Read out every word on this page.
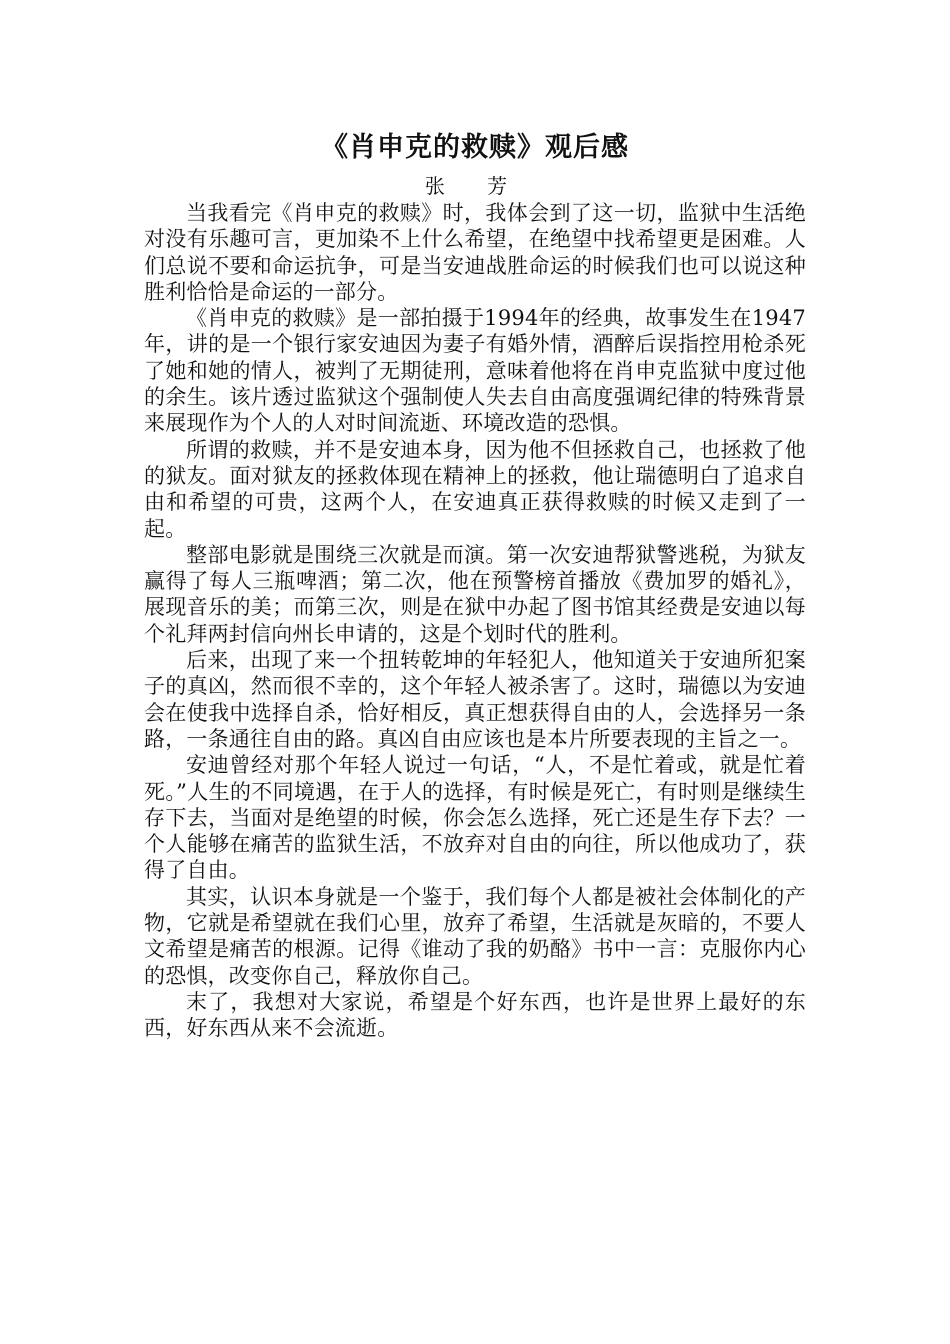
《肖申克的救赎》观后感

张 芳

当我看完《肖申克的救赎》时，我体会到了这一切，监狱中生活绝对没有乐趣可言，更加染不上什么希望，在绝望中找希望更是困难。人们总说不要和命运抗争，可是当安迪战胜命运的时候我们也可以说这种胜利恰恰是命运的一部分。

《肖申克的救赎》是一部拍摄于1994年的经典，故事发生在1947年，讲的是一个银行家安迪因为妻子有婚外情，酒醉后误指控用枪杀死了她和她的情人，被判了无期徒刑，意味着他将在肖申克监狱中度过他的余生。该片透过监狱这个强制使人失去自由高度强调纪律的特殊背景来展现作为个人的人对时间流逝、环境改造的恐惧。

所谓的救赎，并不是安迪本身，因为他不但拯救自己，也拯救了他的狱友。面对狱友的拯救体现在精神上的拯救，他让瑞德明白了追求自由和希望的可贵，这两个人，在安迪真正获得救赎的时候又走到了一起。

整部电影就是围绕三次就是而演。第一次安迪帮狱警逃税，为狱友赢得了每人三瓶啤酒；第二次，他在预警榜首播放《费加罗的婚礼》，展现音乐的美；而第三次，则是在狱中办起了图书馆其经费是安迪以每个礼拜两封信向州长申请的，这是个划时代的胜利。

后来，出现了来一个扭转乾坤的年轻犯人，他知道关于安迪所犯案子的真凶，然而很不幸的，这个年轻人被杀害了。这时，瑞德以为安迪会在使我中选择自杀，恰好相反，真正想获得自由的人，会选择另一条路，一条通往自由的路。真凶自由应该也是本片所要表现的主旨之一。

安迪曾经对那个年轻人说过一句话，“人，不是忙着或，就是忙着死。”人生的不同境遇，在于人的选择，有时候是死亡，有时则是继续生存下去，当面对是绝望的时候，你会怎么选择，死亡还是生存下去？一个人能够在痛苦的监狱生活，不放弃对自由的向往，所以他成功了，获得了自由。

其实，认识本身就是一个鉴于，我们每个人都是被社会体制化的产物，它就是希望就在我们心里，放弃了希望，生活就是灰暗的，不要人文希望是痛苦的根源。记得《谁动了我的奶酪》书中一言：克服你内心的恐惧，改变你自己，释放你自己。

末了，我想对大家说，希望是个好东西，也许是世界上最好的东西，好东西从来不会流逝。
